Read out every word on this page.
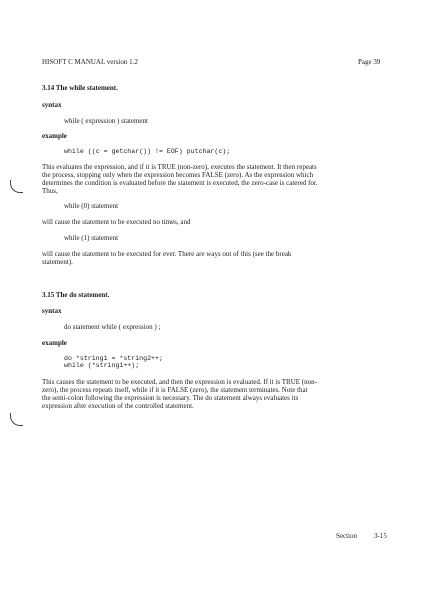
HISOFT C MANUAL version 1.2	Page 39
3.14 The while statement.
syntax
while ( expression ) statement
example
while ((c = getchar()) != EOF) putchar(c);
This evaluates the expression, and if it is TRUE (non-zero), executes the statement. It then repeats
the process, stopping only when the expression becomes FALSE (zero). As the expression which
determines the condition is evaluated before the statement is executed, the zero-case is catered for.
Thus,
while (0) statement
will cause the statement to be executed no times, and
while (1) statement
will cause the statement to be executed for ever. There are ways out of this (see the break
statement).
3.15 The do statement.
syntax
do statement while ( expression ) ;
example
do *string1 = *string2++;
while (*string1++);
This causes the statement to be executed, and then the expression is evaluated. If it is TRUE (non-
zero), the process repeats itself, while if it is FALSE (zero), the statement terminates. Note that
the semi-colon following the expression is necessary. The do statement always evaluates its
expression after execution of the controlled statement.
Section 3-15
